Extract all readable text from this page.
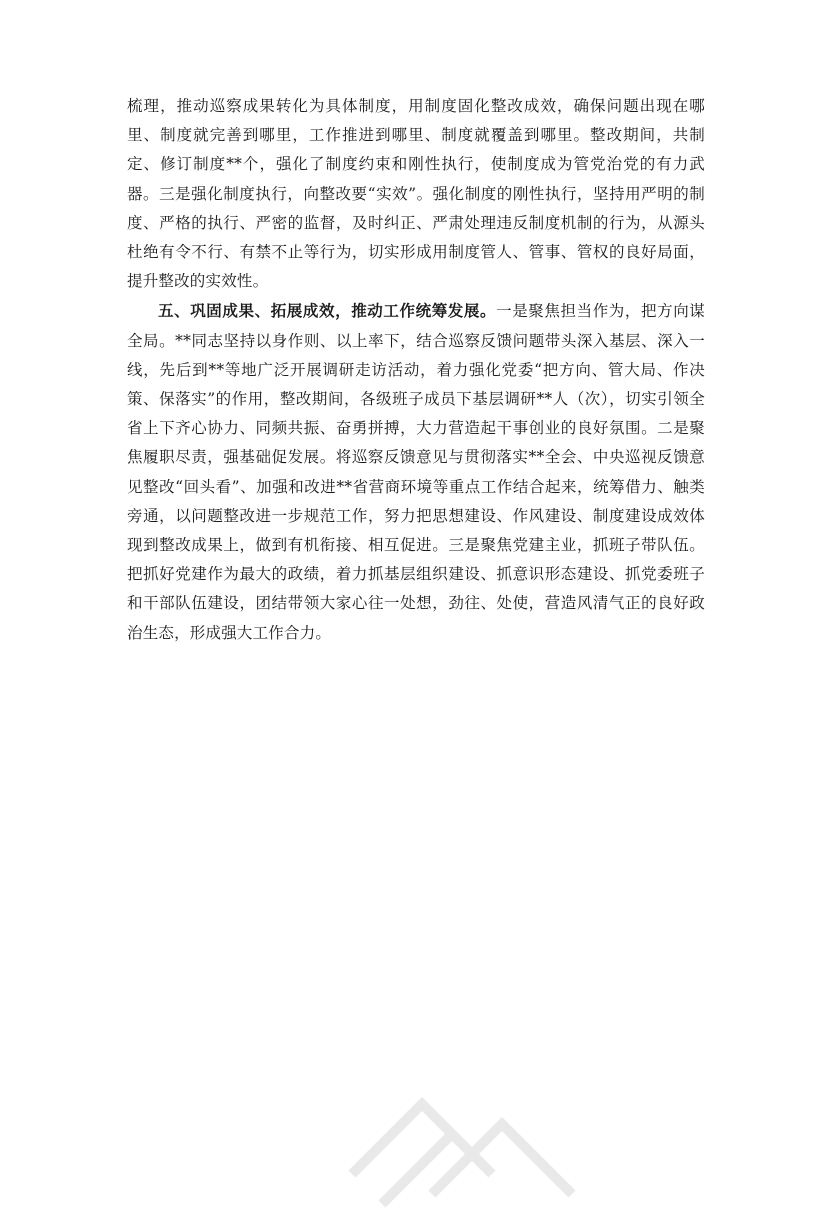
梳理，推动巡察成果转化为具体制度，用制度固化整改成效，确保问题出现在哪里、制度就完善到哪里，工作推进到哪里、制度就覆盖到哪里。整改期间，共制定、修订制度**个，强化了制度约束和刚性执行，使制度成为管党治党的有力武器。三是强化制度执行，向整改要“实效”。强化制度的刚性执行，坚持用严明的制度、严格的执行、严密的监督，及时纠正、严肃处理违反制度机制的行为，从源头杜绝有令不行、有禁不止等行为，切实形成用制度管人、管事、管权的良好局面，提升整改的实效性。

五、巩固成果、拓展成效，推动工作统筹发展。一是聚焦担当作为，把方向谋全局。**同志坚持以身作则、以上率下，结合巡察反馈问题带头深入基层、深入一线，先后到**等地广泛开展调研走访活动，着力强化党委“把方向、管大局、作决策、保落实”的作用，整改期间，各级班子成员下基层调研**人（次），切实引领全省上下齐心协力、同频共振、奋勇拼搏，大力营造起干事创业的良好氛围。二是聚焦履职尽责，强基础促发展。将巡察反馈意见与贯彻落实**全会、中央巡视反馈意见整改“回头看”、加强和改进**省营商环境等重点工作结合起来，统筹借力、触类旁通，以问题整改进一步规范工作，努力把思想建设、作风建设、制度建设成效体现到整改成果上，做到有机衔接、相互促进。三是聚焦党建主业，抓班子带队伍。把抓好党建作为最大的政绩，着力抓基层组织建设、抓意识形态建设、抓党委班子和干部队伍建设，团结带领大家心往一处想，劲往、处使，营造风清气正的良好政治生态，形成强大工作合力。
